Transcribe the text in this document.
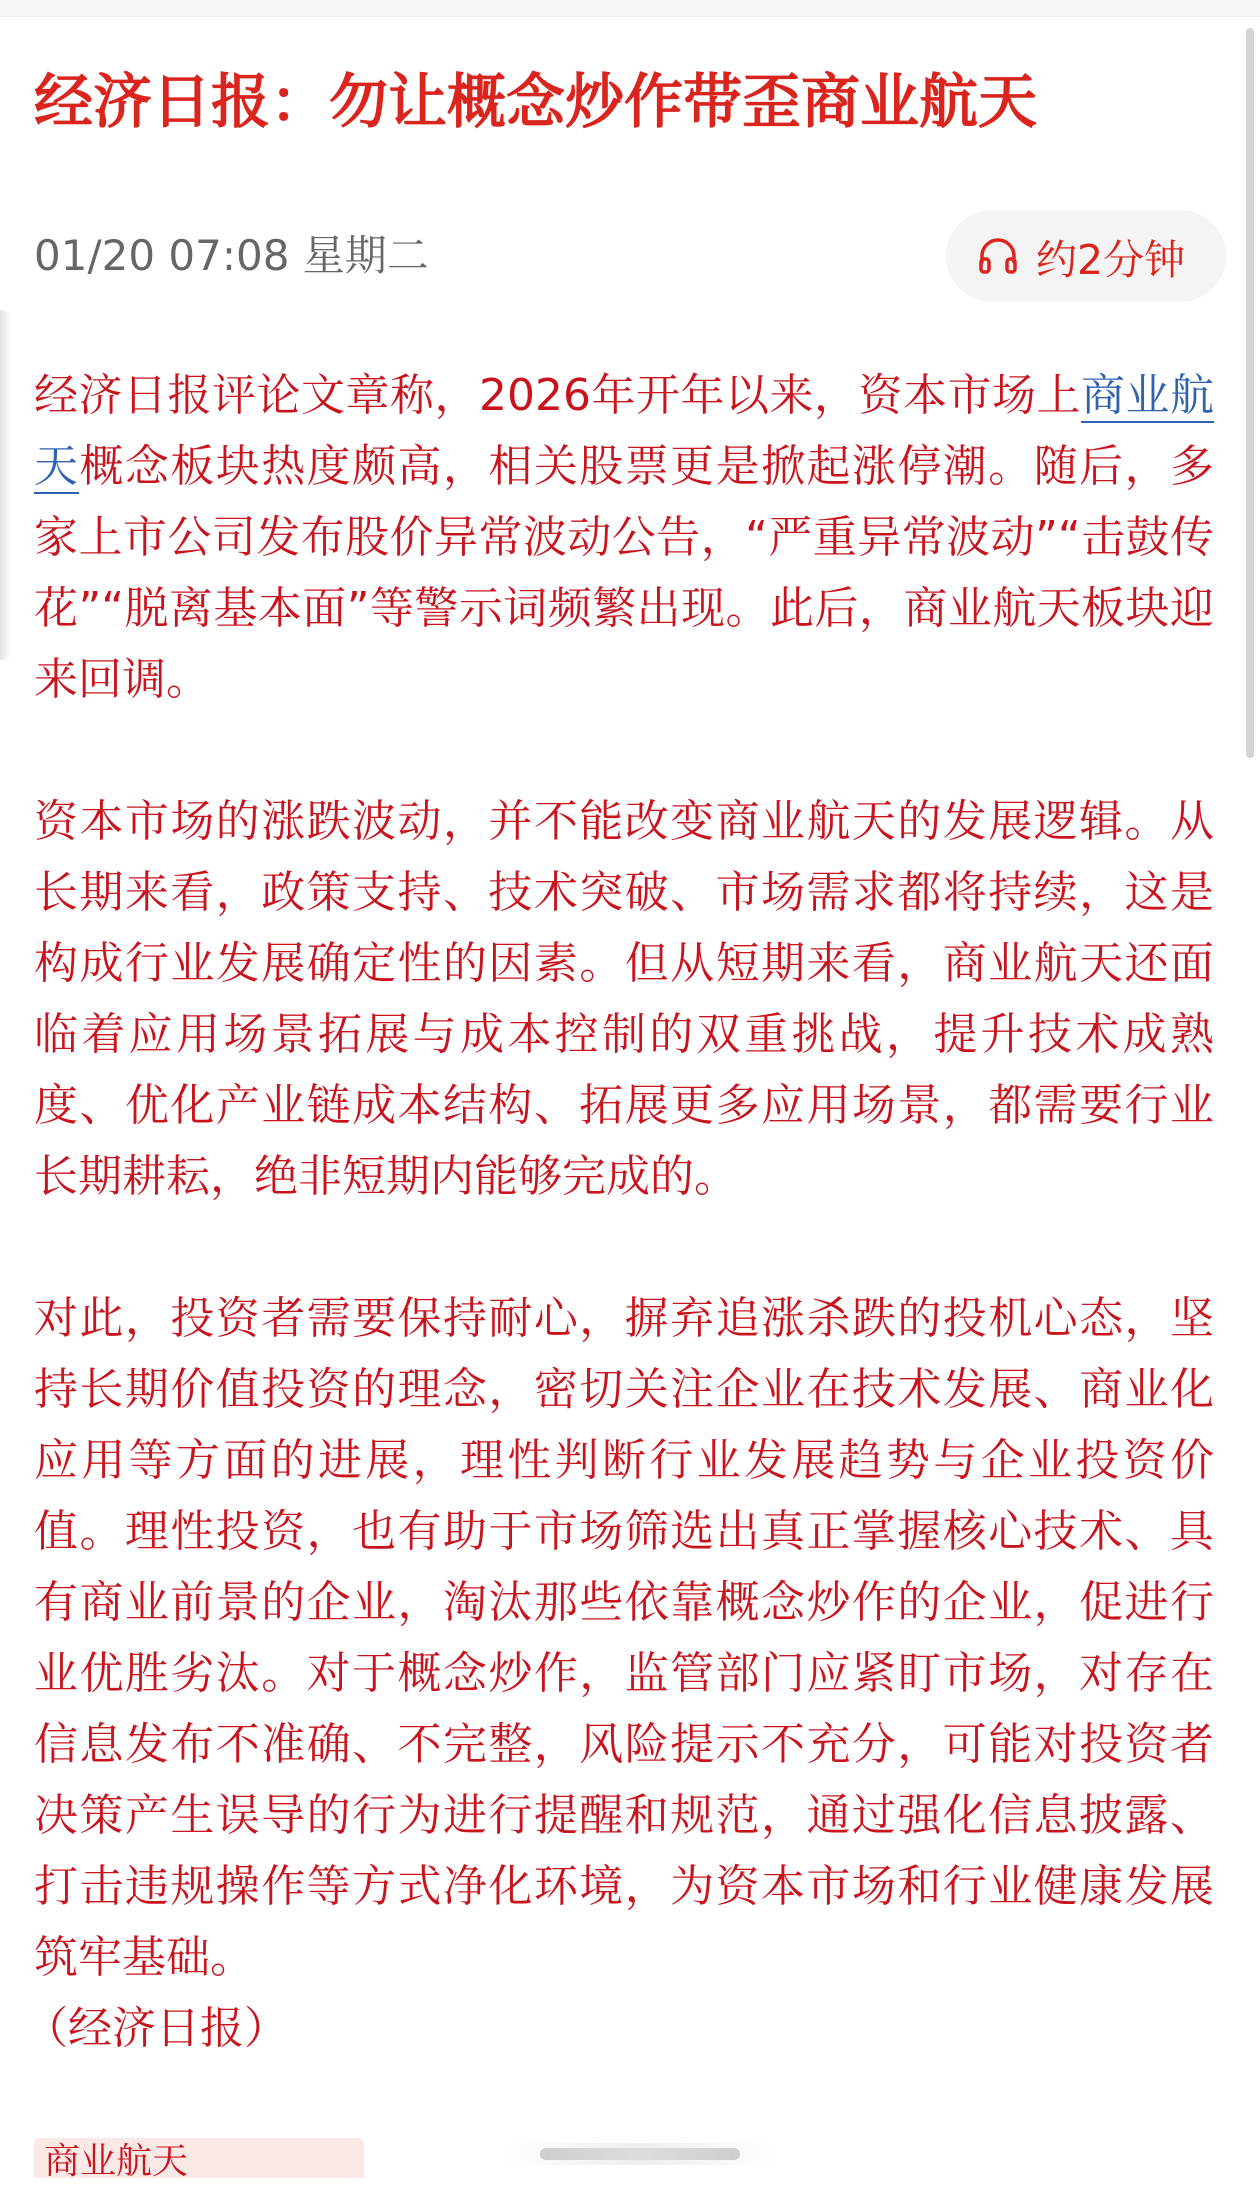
经济日报：勿让概念炒作带歪商业航天
01/20 07:08 星期二	约2分钟

经济日报评论文章称，2026年开年以来，资本市场上商业航天概念板块热度颇高，相关股票更是掀起涨停潮。随后，多家上市公司发布股价异常波动公告，“严重异常波动”“击鼓传花”“脱离基本面”等警示词频繁出现。此后，商业航天板块迎来回调。

资本市场的涨跌波动，并不能改变商业航天的发展逻辑。从长期来看，政策支持、技术突破、市场需求都将持续，这是构成行业发展确定性的因素。但从短期来看，商业航天还面临着应用场景拓展与成本控制的双重挑战，提升技术成熟度、优化产业链成本结构、拓展更多应用场景，都需要行业长期耕耘，绝非短期内能够完成的。

对此，投资者需要保持耐心，摒弃追涨杀跌的投机心态，坚持长期价值投资的理念，密切关注企业在技术发展、商业化应用等方面的进展，理性判断行业发展趋势与企业投资价值。理性投资，也有助于市场筛选出真正掌握核心技术、具有商业前景的企业，淘汰那些依靠概念炒作的企业，促进行业优胜劣汰。对于概念炒作，监管部门应紧盯市场，对存在信息发布不准确、不完整，风险提示不充分，可能对投资者决策产生误导的行为进行提醒和规范，通过强化信息披露、打击违规操作等方式净化环境，为资本市场和行业健康发展筑牢基础。
（经济日报）

商业航天
